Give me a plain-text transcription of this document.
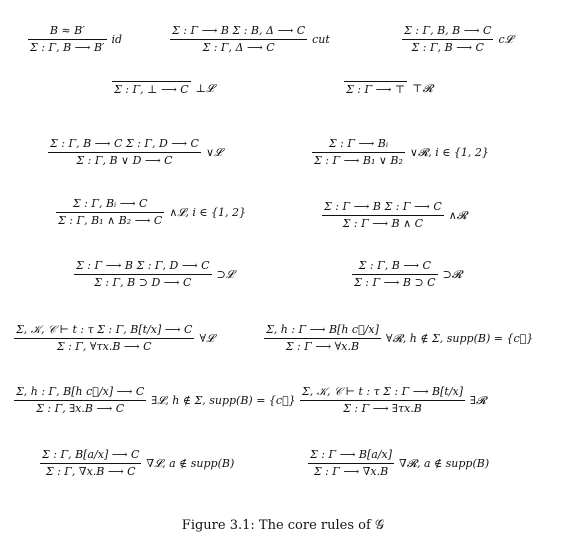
$\frac{B \approx B'}{\Sigma : \Gamma, B ⟶ B'}$ id	$\frac{\text{Σ : Γ ⟶ B Σ : B, Δ ⟶ C}}{\Sigma : \Gamma, \Delta ⟶ C}$ cut	$\frac{\Sigma : \Gamma, B, B ⟶ C}{\Sigma : \Gamma, B ⟶ C}$ c𝓛
Σ : Γ, ⊥ ⟶ C ⊥𝓛	Σ : Γ ⟶ ⊤ ⊤𝓡
$\frac{\text{Σ : Γ, B ⟶ C Σ : Γ, D ⟶ C}}{\Sigma : \Gamma, B \vee D ⟶ C}$ ∨𝓛	$\frac{\text{Σ : Γ ⟶ Bᵢ}}{\text{Σ : Γ ⟶ B₁ ∨ B₂}}$ ∨𝓡, i ∈ {1, 2}
$\frac{\text{Σ : Γ, Bᵢ ⟶ C}}{\text{Σ : Γ, B₁ ∧ B₂ ⟶ C}}$ ∧𝓛, i ∈ {1, 2}	$\frac{\text{Σ : Γ ⟶ B Σ : Γ ⟶ C}}{\Sigma : \Gamma ⟶ B \wedge C}$ ∧𝓡
$\frac{\text{Σ : Γ ⟶ B Σ : Γ, D ⟶ C}}{\Sigma : \Gamma, B ⊃ D ⟶ C}$ ⊃𝓛	$\frac{\Sigma : \Gamma, B ⟶ C}{\Sigma : \Gamma ⟶ B ⊃ C}$ ⊃𝓡
$\frac{\text{Σ, 𝒦, 𝒞 ⊢ t : τ Σ : Γ, B[t/x] ⟶ C}}{\Sigma : \Gamma, \forall\tau x.B ⟶ C}$ ∀𝓛	$\frac{\text{Σ, h : Γ ⟶ B[h c⃗/x]}}{\Sigma : \Gamma ⟶ \forall x.B}$ ∀𝓡, h ∉ Σ, supp(B) = {c⃗}
$\frac{\text{Σ, h : Γ, B[h c⃗/x] ⟶ C}}{\Sigma : \Gamma, \exists x.B ⟶ C}$ ∃𝓛, h ∉ Σ, supp(B) = {c⃗} $\frac{\text{Σ, 𝒦, 𝒞 ⊢ t : τ Σ : Γ ⟶ B[t/x]}}{\Sigma : \Gamma ⟶ \exists\tau x.B}$ ∃𝓡
$\frac{\Sigma : \Gamma, B[a/x] ⟶ C}{\Sigma : \Gamma, \nabla x.B ⟶ C}$ ∇𝓛, a ∉ supp(B)	$\frac{\Sigma : \Gamma ⟶ B[a/x]}{\Sigma : \Gamma ⟶ \nabla x.B}$ ∇𝓡, a ∉ supp(B)
Figure 3.1: The core rules of 𝒢
